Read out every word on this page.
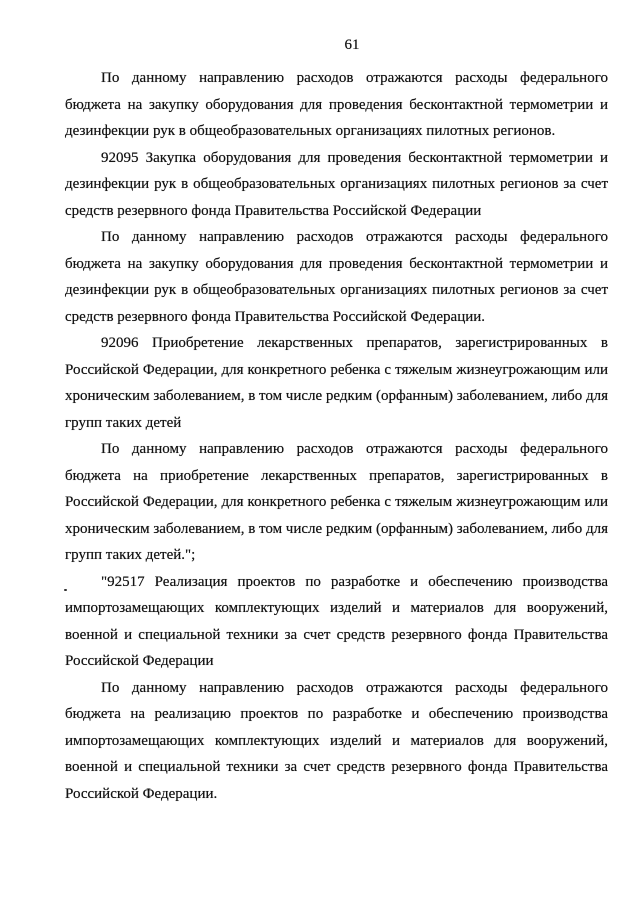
61
По данному направлению расходов отражаются расходы федерального
бюджета на закупку оборудования для проведения бесконтактной термометрии и
дезинфекции рук в общеобразовательных организациях пилотных регионов.
92095 Закупка оборудования для проведения бесконтактной термометрии и
дезинфекции рук в общеобразовательных организациях пилотных регионов за счет
средств резервного фонда Правительства Российской Федерации
По данному направлению расходов отражаются расходы федерального
бюджета на закупку оборудования для проведения бесконтактной термометрии и
дезинфекции рук в общеобразовательных организациях пилотных регионов за счет
средств резервного фонда Правительства Российской Федерации.
92096 Приобретение лекарственных препаратов, зарегистрированных в
Российской Федерации, для конкретного ребенка с тяжелым жизнеугрожающим или
хроническим заболеванием, в том числе редким (орфанным) заболеванием, либо для
групп таких детей
По данному направлению расходов отражаются расходы федерального
бюджета на приобретение лекарственных препаратов, зарегистрированных в
Российской Федерации, для конкретного ребенка с тяжелым жизнеугрожающим или
хроническим заболеванием, в том числе редким (орфанным) заболеванием, либо для
групп таких детей.";
"92517 Реализация проектов по разработке и обеспечению производства
импортозамещающих комплектующих изделий и материалов для вооружений,
военной и специальной техники за счет средств резервного фонда Правительства
Российской Федерации
По данному направлению расходов отражаются расходы федерального
бюджета на реализацию проектов по разработке и обеспечению производства
импортозамещающих комплектующих изделий и материалов для вооружений,
военной и специальной техники за счет средств резервного фонда Правительства
Российской Федерации.
